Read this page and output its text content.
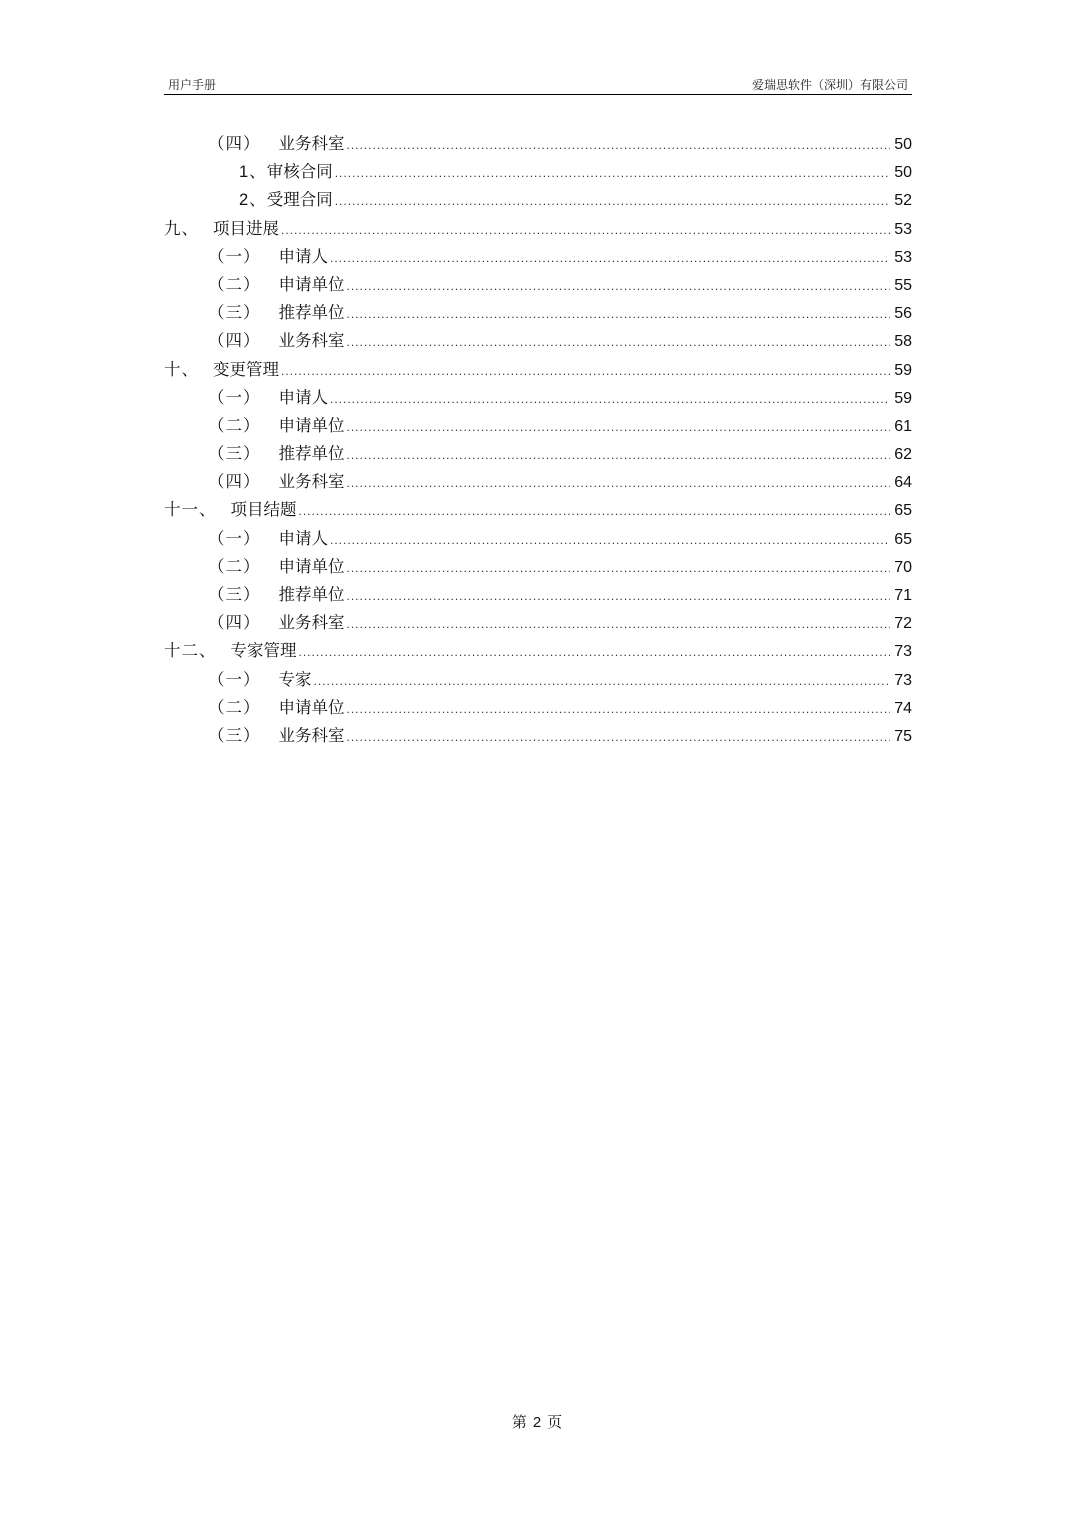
用户手册	爱瑞思软件（深圳）有限公司
（四） 业务科室 .....	50
1、 审核合同 .....	50
2、 受理合同 .....	52
九、 项目进展 .....	53
（一） 申请人 .....	53
（二） 申请单位 .....	55
（三） 推荐单位 .....	56
（四） 业务科室 .....	58
十、 变更管理 .....	59
（一） 申请人 .....	59
（二） 申请单位 .....	61
（三） 推荐单位 .....	62
（四） 业务科室 .....	64
十一、 项目结题 .....	65
（一） 申请人 .....	65
（二） 申请单位 .....	70
（三） 推荐单位 .....	71
（四） 业务科室 .....	72
十二、 专家管理 .....	73
（一） 专家 .....	73
（二） 申请单位 .....	74
（三） 业务科室 .....	75
第 2 页
